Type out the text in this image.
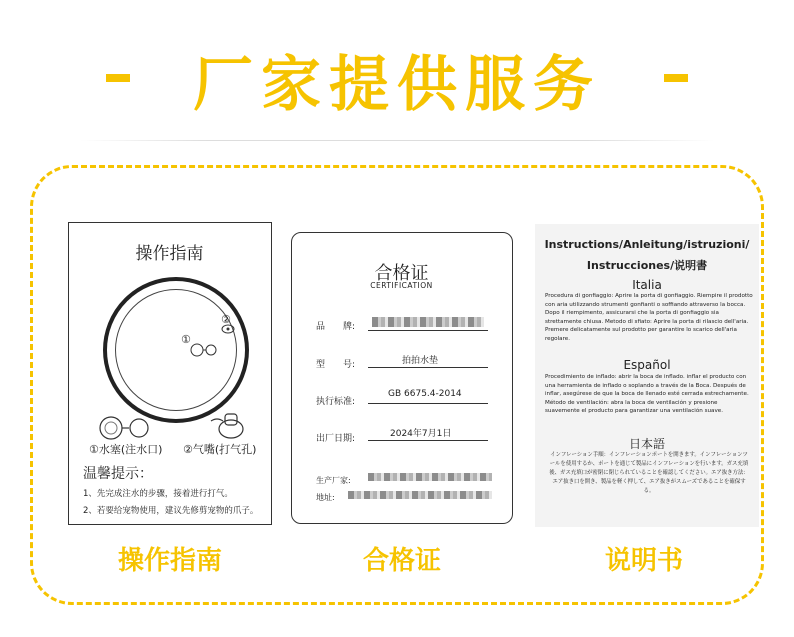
厂家提供服务
操作指南
①
②
①水塞(注水口) ②气嘴(打气孔)
温馨提示：
1、先完成注水的步骤，接着进行打气。
2、若要给宠物使用，建议先修剪宠物的爪子。
合格证
CERTIFICATION
品　　牌:
型　　号:	拍拍水垫
执行标准:
GB 6675.4-2014
出厂日期:	2024年7月1日
生产厂家:
地址:
Instructions/Anleitung/istruzioni/
Instrucciones/说明書
Italia
Procedura di gonfiaggio: Aprire la porta di gonfiaggio. Riempire il prodotto con aria utilizzando strumenti gonfianti o soffiando attraverso la bocca. Dopo il riempimento, assicurarsi che la porta di gonfiaggio sia strettamente chiusa. Metodo di sfiato: Aprire la porta di rilascio dell'aria. Premere delicatamente sul prodotto per garantire lo scarico dell'aria regolare.
Español
Procedimiento de inflado: abrir la boca de inflado. inflar el producto con una herramienta de inflado o soplando a través de la Boca. Después de inflar, asegúrese de que la boca de llenado esté cerrada estrechamente. Método de ventilación: abra la boca de ventilación y presione suavemente el producto para garantizar una ventilación suave.
日本語
インフレーション手順：インフレーションポートを開きます。インフレーションツールを使用するか、ポートを通じて製品にインフレーションを行います。ガス充填後、ガス充填口が密閉に閉じられていることを確認してください。エア抜き方法：エア抜き口を開き、製品を軽く押して、エア抜きがスムーズであることを確保する。
操作指南	合格证	说明书
